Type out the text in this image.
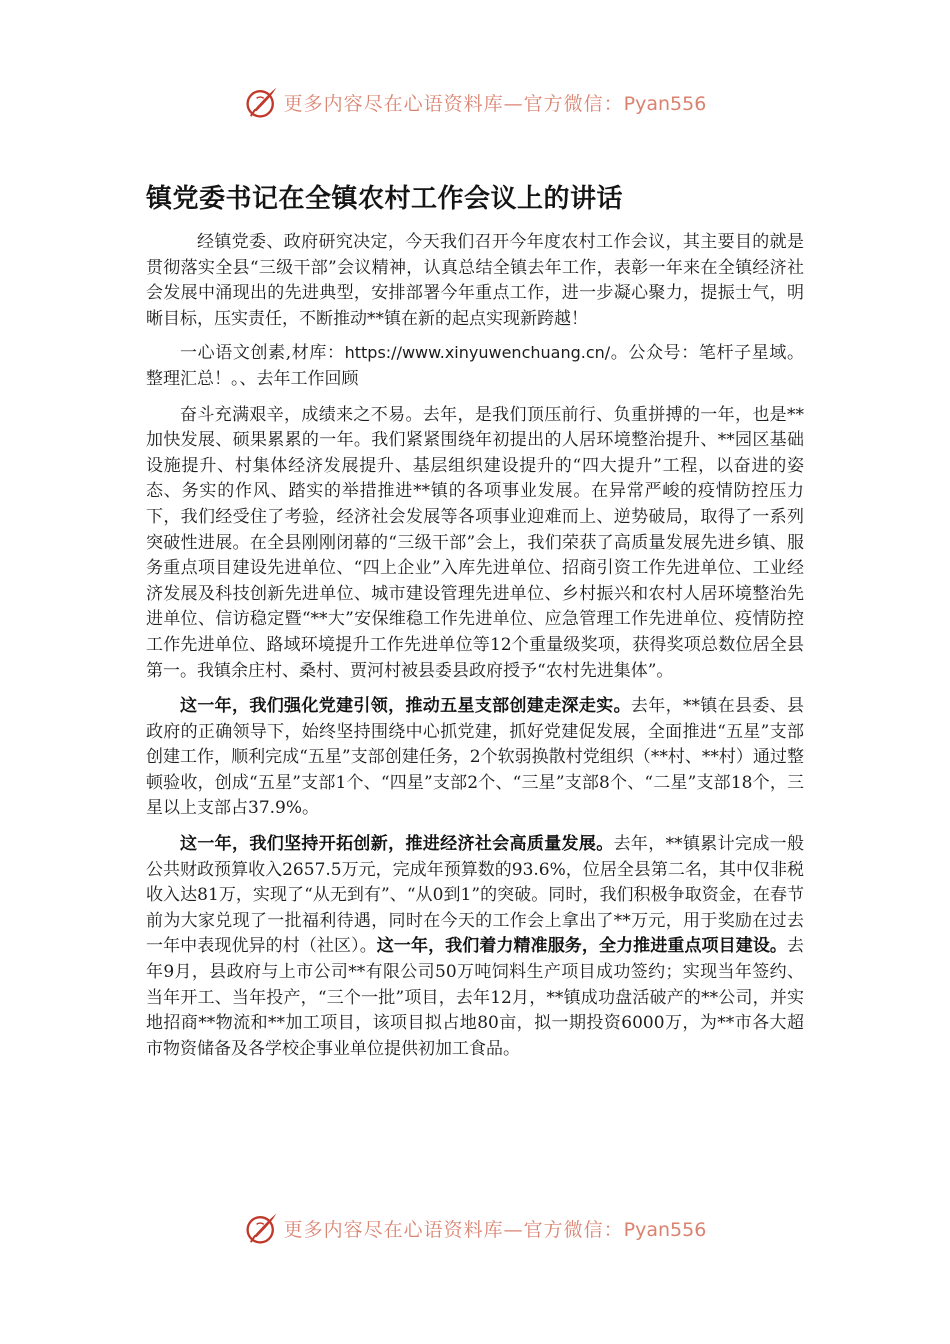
更多内容尽在心语资料库—官方微信：Pyan556
镇党委书记在全镇农村工作会议上的讲话

经镇党委、政府研究决定，今天我们召开今年度农村工作会议，其主要目的就是贯彻落实全县“三级干部”会议精神，认真总结全镇去年工作，表彰一年来在全镇经济社会发展中涌现出的先进典型，安排部署今年重点工作，进一步凝心聚力，提振士气，明晰目标，压实责任，不断推动**镇在新的起点实现新跨越！

一心语文创素,材库：https://www.xinyuwenchuang.cn/。公众号：笔杆子星域。整理汇总！。、去年工作回顾

奋斗充满艰辛，成绩来之不易。去年，是我们顶压前行、负重拼搏的一年，也是**加快发展、硕果累累的一年。我们紧紧围绕年初提出的人居环境整治提升、**园区基础设施提升、村集体经济发展提升、基层组织建设提升的“四大提升”工程，以奋进的姿态、务实的作风、踏实的举措推进**镇的各项事业发展。在异常严峻的疫情防控压力下，我们经受住了考验，经济社会发展等各项事业迎难而上、逆势破局，取得了一系列突破性进展。在全县刚刚闭幕的“三级干部”会上，我们荣获了高质量发展先进乡镇、服务重点项目建设先进单位、“四上企业”入库先进单位、招商引资工作先进单位、工业经济发展及科技创新先进单位、城市建设管理先进单位、乡村振兴和农村人居环境整治先进单位、信访稳定暨“**大”安保维稳工作先进单位、应急管理工作先进单位、疫情防控工作先进单位、路域环境提升工作先进单位等12个重量级奖项，获得奖项总数位居全县第一。我镇余庄村、桑村、贾河村被县委县政府授予“农村先进集体”。

这一年，我们强化党建引领，推动五星支部创建走深走实。去年，**镇在县委、县政府的正确领导下，始终坚持围绕中心抓党建，抓好党建促发展，全面推进“五星”支部创建工作，顺利完成“五星”支部创建任务，2个软弱换散村党组织（**村、**村）通过整顿验收，创成“五星”支部1个、“四星”支部2个、“三星”支部8个、“二星”支部18个，三星以上支部占37.9%。

这一年，我们坚持开拓创新，推进经济社会高质量发展。去年，**镇累计完成一般公共财政预算收入2657.5万元，完成年预算数的93.6%，位居全县第二名，其中仅非税收入达81万，实现了“从无到有”、“从0到1”的突破。同时，我们积极争取资金，在春节前为大家兑现了一批福利待遇，同时在今天的工作会上拿出了**万元，用于奖励在过去一年中表现优异的村（社区）。这一年，我们着力精准服务，全力推进重点项目建设。去年9月，县政府与上市公司**有限公司50万吨饲料生产项目成功签约；实现当年签约、当年开工、当年投产，“三个一批”项目，去年12月，**镇成功盘活破产的**公司，并实地招商**物流和**加工项目，该项目拟占地80亩，拟一期投资6000万，为**市各大超市物资储备及各学校企事业单位提供初加工食品。

更多内容尽在心语资料库—官方微信：Pyan556
